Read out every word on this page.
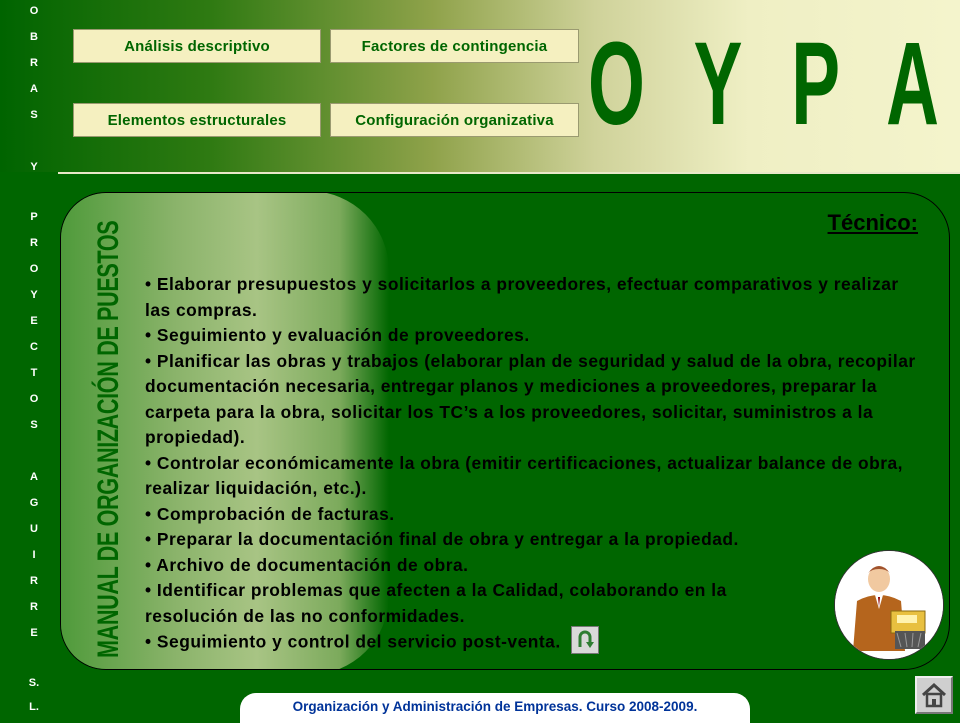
O
B
R
A
S
Y
P
R
O
Y
E
C
T
O
S
A
G
U
I
R
R
E
S.
L.
Análisis descriptivo	Factores de contingencia
Elementos estructurales	Configuración organizativa O Y P A
MANUAL DE ORGANIZACIÓN DE PUESTOS	Técnico:

• Elaborar presupuestos y solicitarlos a proveedores, efectuar comparativos y realizar las compras.

• Seguimiento y evaluación de proveedores.

• Planificar las obras y trabajos (elaborar plan de seguridad y salud de la obra, recopilar documentación necesaria, entregar planos y mediciones a proveedores, preparar la carpeta para la obra, solicitar los TC’s a los proveedores, solicitar, suministros a la propiedad).

• Controlar económicamente la obra (emitir certificaciones, actualizar balance de obra, realizar liquidación, etc.).

• Comprobación de facturas.

• Preparar la documentación final de obra y entregar a la propiedad.

• Archivo de documentación de obra.

• Identificar problemas que afecten a la Calidad, colaborando en la resolución de las no conformidades.

• Seguimiento y control del servicio post-venta.

Organización y Administración de Empresas. Curso 2008-2009.
